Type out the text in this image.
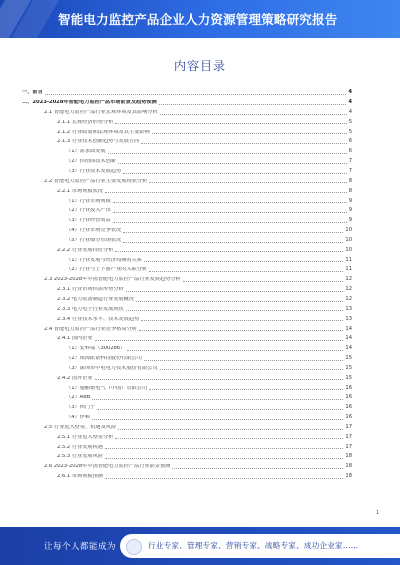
智能电力监控产品企业人力资源管理策略研究报告
内容目录
一、前言	4
二、2023-2028年智能电力监控产品市场前景及趋势预测	4
2.1 智能电力监控产品行业宏观环境及其影响分析	4
2.1.1 宏观经济形势分析	5
2.1.2 行业政策和法规环境及其主要影响	5
2.1.3 行业技术创新趋势与发展方向	6
（1）需求面发展	6
（2）供给面技术创新	7
（3）行业技术发展趋势	7
2.2 智能电力监控产品行业主要发展现状分析	8
2.2.1 市场规模状况	8
（1）行业市场规模	9
（2）行业投入产出	9
（3）行业经营效益	9
（4）行业市场竞争状况	10
（5）行业细分市场状况	10
2.2.2 行业发展特征分析	10
（1）行业发展与经济周期的关系	11
（2）行业与上下游产业的关联分析	11
2.3 2023-2028年中国智能电力监控产品行业发展趋势分析	12
2.3.1 行业市场供需形势分析	12
2.3.2 电力装备制造行业发展概况	12
2.3.3 电力电子行业发展现状	13
2.3.4 行业技术水平、技术发展趋势	13
2.4 智能电力监控产品行业竞争格局分析	14
2.4.1 国内企业	14
（1）安科瑞（300286）	14
（2）珠海派诺科技股份有限公司	15
（3）深圳市中电电力技术股份有限公司	15
2.4.2 国外企业	15
（1）施耐德电气（中国）有限公司	16
（2）ABB	16
（3）西门子	16
（4）伊顿	16
2.5 行业进入壁垒、机遇及风险	17
2.5.1 行业进入壁垒分析	17
2.5.2 行业发展机遇	17
2.5.3 行业发展风险	18
2.6 2023-2028年中国智能电力监控产品行业前景预测	18
2.6.1 市场规模预测	18
1
让每个人都能成为	行业专家、管理专家、营销专家、战略专家、成功企业家……
